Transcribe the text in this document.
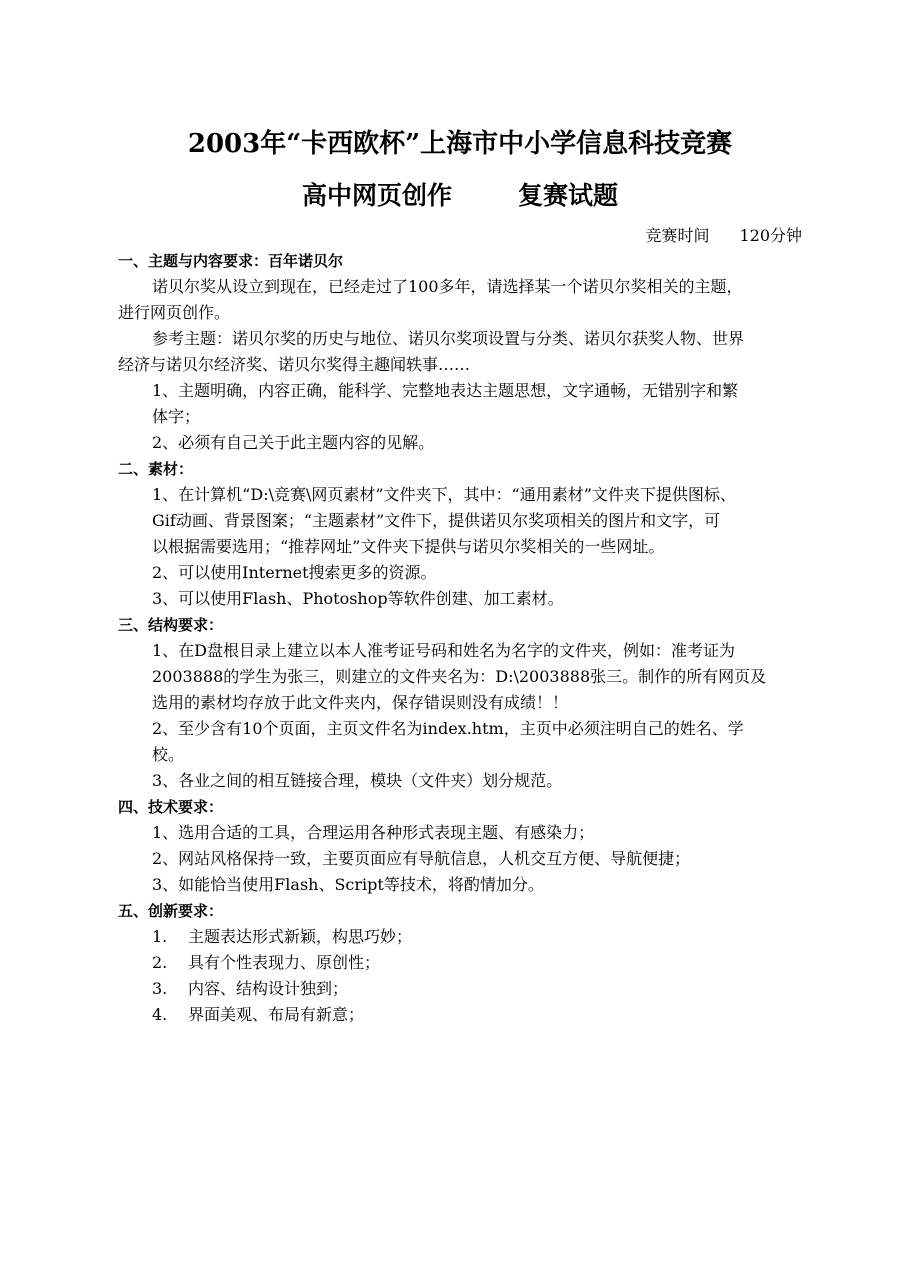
2003年“卡西欧杯”上海市中小学信息科技竞赛
高中网页创作	复赛试题
竞赛时间 120分钟
一、主题与内容要求：百年诺贝尔
诺贝尔奖从设立到现在，已经走过了100多年，请选择某一个诺贝尔奖相关的主题，
进行网页创作。
参考主题：诺贝尔奖的历史与地位、诺贝尔奖项设置与分类、诺贝尔获奖人物、世界
经济与诺贝尔经济奖、诺贝尔奖得主趣闻轶事……
1、主题明确，内容正确，能科学、完整地表达主题思想，文字通畅，无错别字和繁
体字；
2、必须有自己关于此主题内容的见解。
二、素材：
1、在计算机“D:\竞赛\网页素材”文件夹下，其中：“通用素材”文件夹下提供图标、
Gif动画、背景图案；“主题素材”文件下，提供诺贝尔奖项相关的图片和文字，可
以根据需要选用；“推荐网址”文件夹下提供与诺贝尔奖相关的一些网址。
2、可以使用Internet搜索更多的资源。
3、可以使用Flash、Photoshop等软件创建、加工素材。
三、结构要求：
1、在D盘根目录上建立以本人准考证号码和姓名为名字的文件夹，例如：准考证为
2003888的学生为张三，则建立的文件夹名为：D:\2003888张三。制作的所有网页及
选用的素材均存放于此文件夹内，保存错误则没有成绩！！
2、至少含有10个页面，主页文件名为index.htm，主页中必须注明自己的姓名、学
校。
3、各业之间的相互链接合理，模块（文件夹）划分规范。
四、技术要求：
1、选用合适的工具，合理运用各种形式表现主题、有感染力；
2、网站风格保持一致，主要页面应有导航信息，人机交互方便、导航便捷；
3、如能恰当使用Flash、Script等技术，将酌情加分。
五、创新要求：
1. 主题表达形式新颖，构思巧妙；
2. 具有个性表现力、原创性；
3. 内容、结构设计独到；
4. 界面美观、布局有新意；
